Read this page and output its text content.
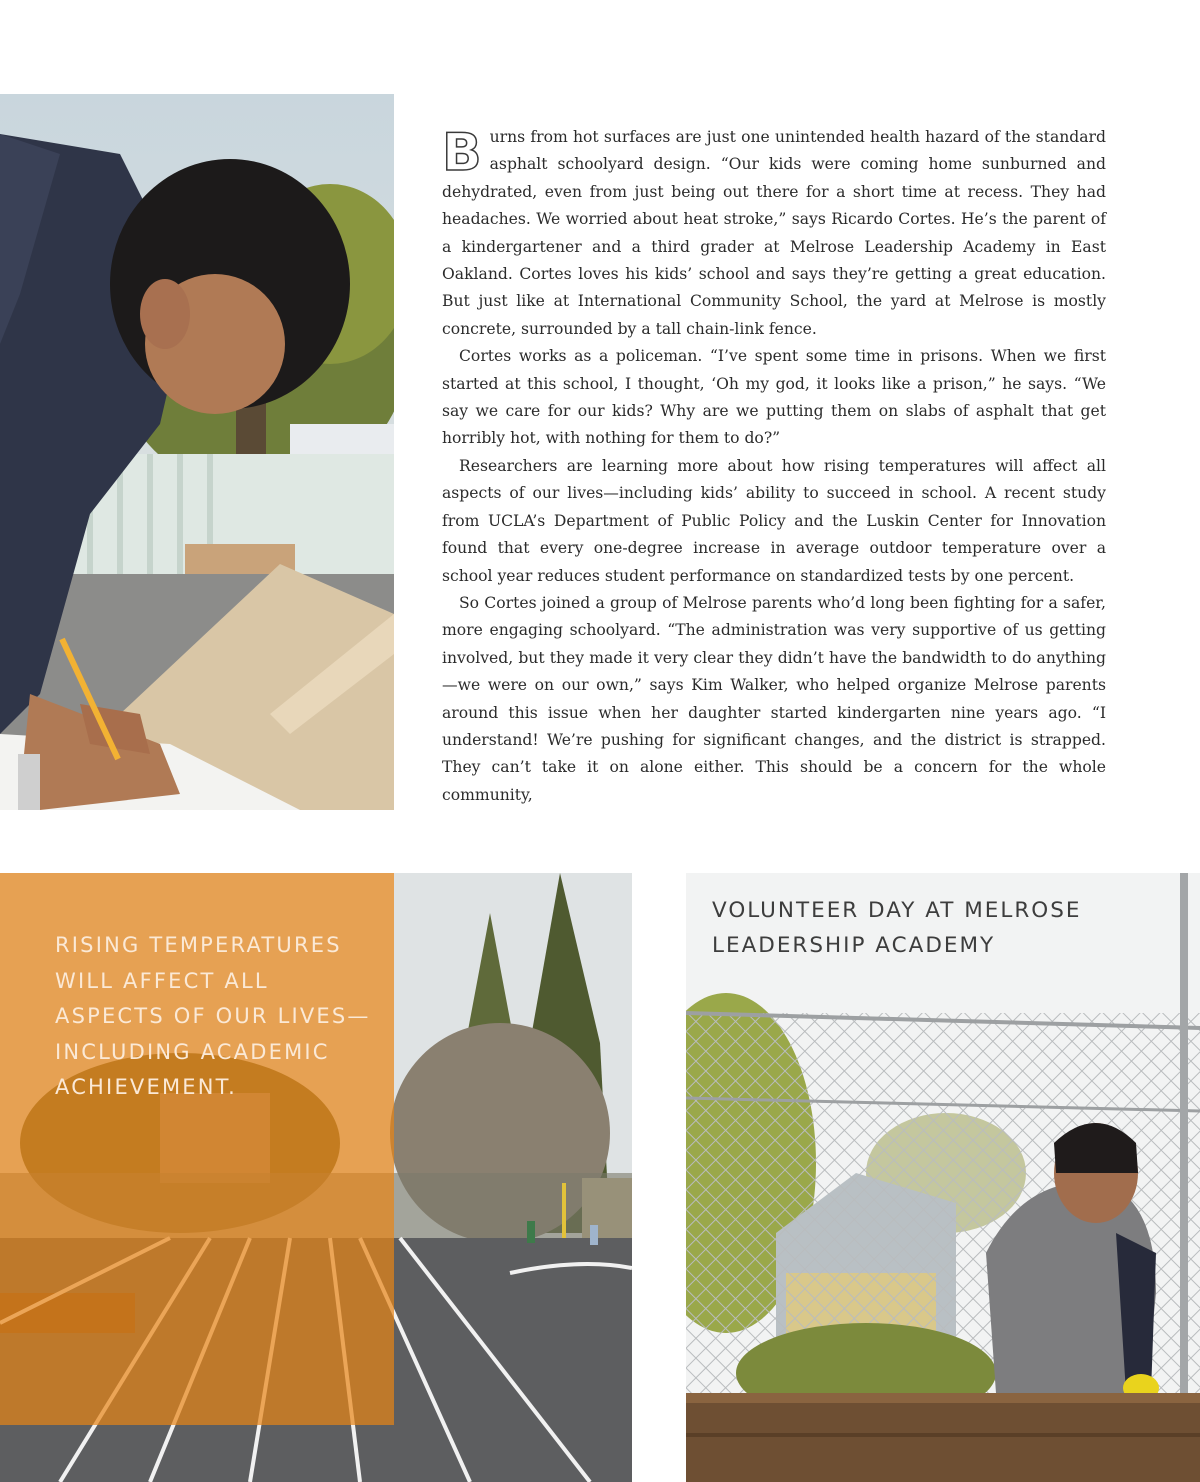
Burns from hot surfaces are just one unintended health hazard of the standard asphalt schoolyard design. “Our kids were coming home sunburned and dehydrated, even from just being out there for a short time at recess. They had headaches. We worried about heat stroke,” says Ricardo Cortes. He’s the parent of a kindergartener and a third grader at Melrose Leadership Academy in East Oakland. Cortes loves his kids’ school and says they’re getting a great education. But just like at International Community School, the yard at Melrose is mostly concrete, surrounded by a tall chain-link fence.

Cortes works as a policeman. “I’ve spent some time in prisons. When we first started at this school, I thought, ‘Oh my god, it looks like a prison,” he says. “We say we care for our kids? Why are we putting them on slabs of asphalt that get horribly hot, with nothing for them to do?”

Researchers are learning more about how rising temperatures will affect all aspects of our lives—including kids’ ability to succeed in school. A recent study from UCLA’s Department of Public Policy and the Luskin Center for Innovation found that every one-degree increase in average outdoor temperature over a school year reduces student performance on standardized tests by one percent.

So Cortes joined a group of Melrose parents who’d long been fighting for a safer, more engaging schoolyard. “The administration was very supportive of us getting involved, but they made it very clear they didn’t have the bandwidth to do anything—we were on our own,” says Kim Walker, who helped organize Melrose parents around this issue when her daughter started kindergarten nine years ago. “I understand! We’re pushing for significant changes, and the district is strapped. They can’t take it on alone either. This should be a concern for the whole community,

RISING TEMPERATURES WILL AFFECT ALL ASPECTS OF OUR LIVES—INCLUDING ACADEMIC ACHIEVEMENT.

VOLUNTEER DAY AT MELROSE LEADERSHIP ACADEMY
